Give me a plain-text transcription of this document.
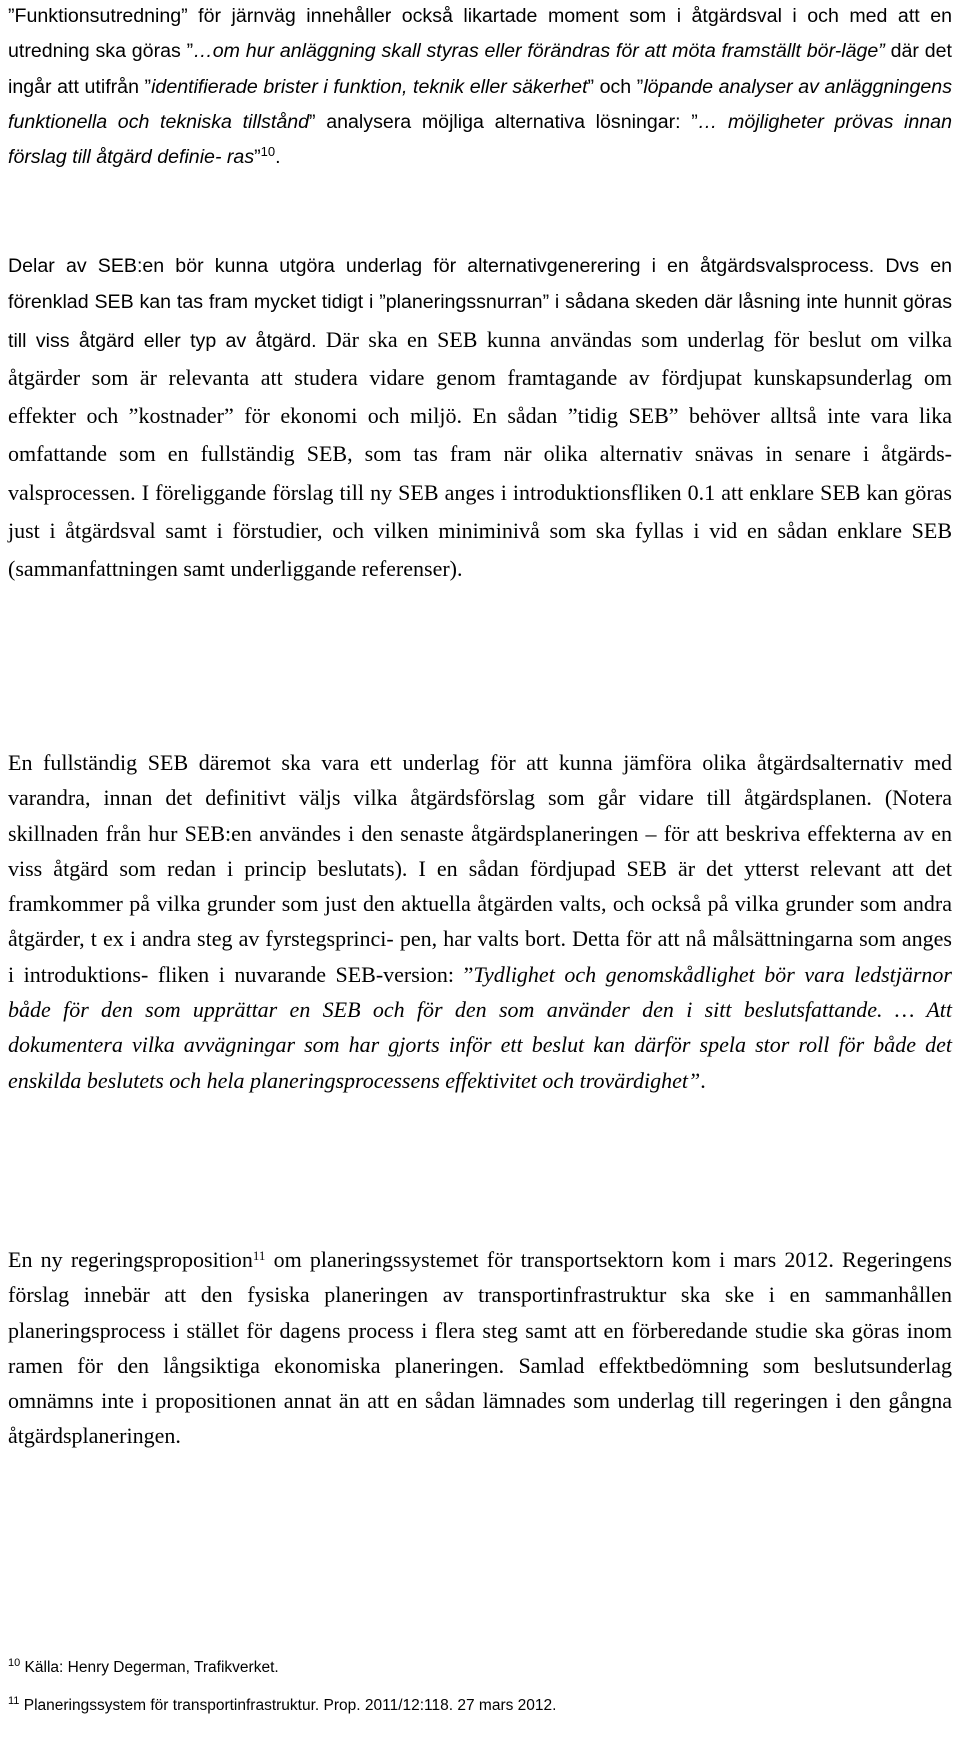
”Funktionsutredning” för järnväg innehåller också likartade moment som i åtgärdsval i och med att en utredning ska göras ”…om hur anläggning skall styras eller förändras för att möta framställt bör-läge” där det ingår att utifrån ”identifierade brister i funktion, teknik eller säkerhet” och ”löpande analyser av anläggningens funktionella och tekniska tillstånd” analysera möjliga alternativa lösningar: ”… möjligheter prövas innan förslag till åtgärd definie- ras”$^{10}$.
Delar av SEB:en bör kunna utgöra underlag för alternativgenerering i en åtgärdsvalsprocess. Dvs en förenklad SEB kan tas fram mycket tidigt i ”planeringssnurran” i sådana skeden där låsning inte hunnit göras till viss åtgärd eller typ av åtgärd. Där ska en SEB kunna användas som underlag för beslut om vilka åtgärder som är relevanta att studera vidare genom framtagande av fördjupat kunskapsunderlag om effekter och ”kostnader” för ekonomi och miljö. En sådan ”tidig SEB” behöver alltså inte vara lika omfattande som en fullständig SEB, som tas fram när olika alternativ snävas in senare i åtgärds- valsprocessen. I föreliggande förslag till ny SEB anges i introduktionsfliken 0.1 att enklare SEB kan göras just i åtgärdsval samt i förstudier, och vilken miniminivå som ska fyllas i vid en sådan enklare SEB (sammanfattningen samt underliggande referenser).
En fullständig SEB däremot ska vara ett underlag för att kunna jämföra olika åtgärdsalternativ med varandra, innan det definitivt väljs vilka åtgärdsförslag som går vidare till åtgärdsplanen. (Notera skillnaden från hur SEB:en användes i den senaste åtgärdsplaneringen – för att beskriva effekterna av en viss åtgärd som redan i princip beslutats). I en sådan fördjupad SEB är det ytterst relevant att det framkommer på vilka grunder som just den aktuella åtgärden valts, och också på vilka grunder som andra åtgärder, t ex i andra steg av fyrstegsprinci- pen, har valts bort. Detta för att nå målsättningarna som anges i introduktions- fliken i nuvarande SEB-version: ”Tydlighet och genomskådlighet bör vara ledstjärnor både för den som upprättar en SEB och för den som använder den i sitt beslutsfattande. … Att dokumentera vilka avvägningar som har gjorts inför ett beslut kan därför spela stor roll för både det enskilda beslutets och hela planeringsprocessens effektivitet och trovärdighet”.
En ny regeringsproposition$^{11}$ om planeringssystemet för transportsektorn kom i mars 2012. Regeringens förslag innebär att den fysiska planeringen av transportinfrastruktur ska ske i en sammanhållen planeringsprocess i stället för dagens process i flera steg samt att en förberedande studie ska göras inom ramen för den långsiktiga ekonomiska planeringen. Samlad effektbedömning som beslutsunderlag omnämns inte i propositionen annat än att en sådan lämnades som underlag till regeringen i den gångna åtgärdsplaneringen.
$^{10}$ Källa: Henry Degerman, Trafikverket.
$^{11}$ Planeringssystem för transportinfrastruktur. Prop. 2011/12:118. 27 mars 2012.
